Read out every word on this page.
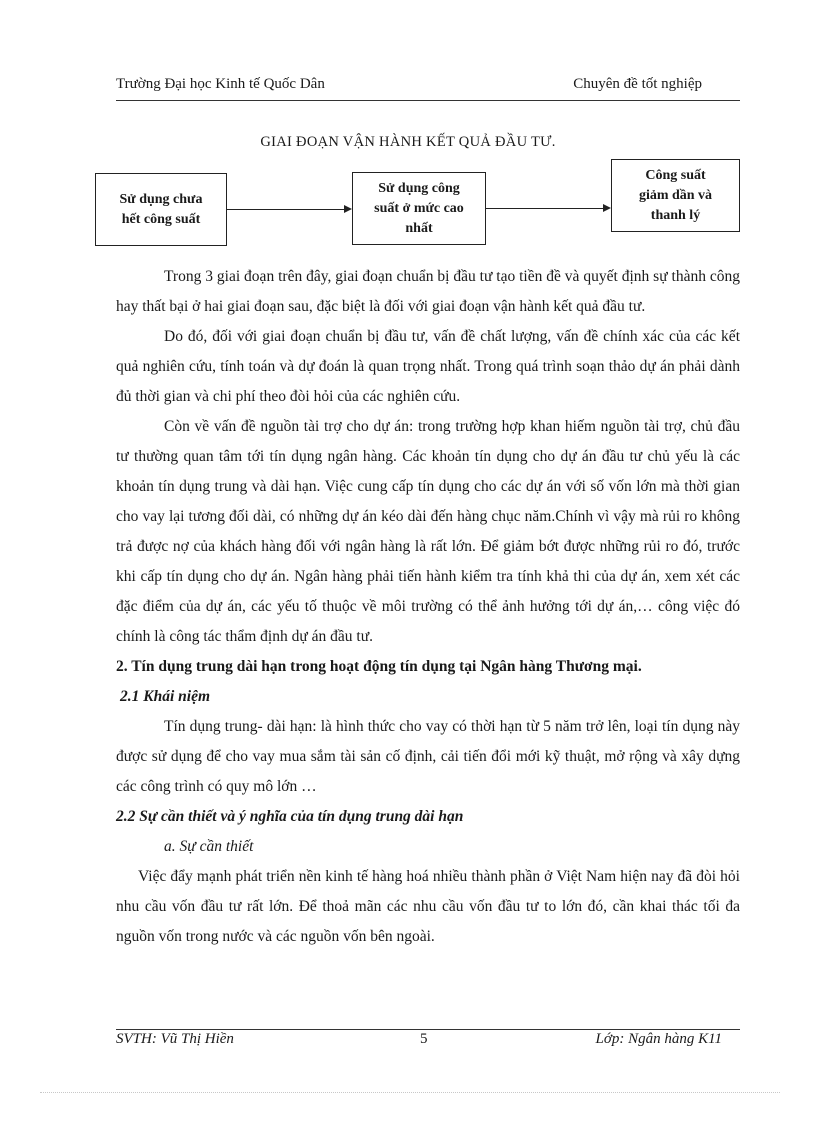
Trường Đại học Kinh tế Quốc Dân	Chuyên đề tốt nghiệp
GIAI ĐOẠN VẬN HÀNH KẾT QUẢ ĐẦU TƯ.
Sử dụng chưa
hết công suất
Sử dụng công
suất ở mức cao
nhất
Công suất
giảm dần và
thanh lý

Trong 3 giai đoạn trên đây, giai đoạn chuẩn bị đầu tư tạo tiền đề và quyết định sự thành công hay thất bại ở hai giai đoạn sau, đặc biệt là đối với giai đoạn vận hành kết quả đầu tư.

Do đó, đối với giai đoạn chuẩn bị đầu tư, vấn đề chất lượng, vấn đề chính xác của các kết quả nghiên cứu, tính toán và dự đoán là quan trọng nhất. Trong quá trình soạn thảo dự án phải dành đủ thời gian và chi phí theo đòi hỏi của các nghiên cứu.

Còn về vấn đề nguồn tài trợ cho dự án: trong trường hợp khan hiếm nguồn tài trợ, chủ đầu tư thường quan tâm tới tín dụng ngân hàng. Các khoản tín dụng cho dự án đầu tư chủ yếu là các khoản tín dụng trung và dài hạn. Việc cung cấp tín dụng cho các dự án với số vốn lớn mà thời gian cho vay lại tương đối dài, có những dự án kéo dài đến hàng chục năm.Chính vì vậy mà rủi ro không trả được nợ của khách hàng đối với ngân hàng là rất lớn. Để giảm bớt được những rủi ro đó, trước khi cấp tín dụng cho dự án. Ngân hàng phải tiến hành kiểm tra tính khả thi của dự án, xem xét các đặc điểm của dự án, các yếu tố thuộc về môi trường có thể ảnh hưởng tới dự án,… công việc đó chính là công tác thẩm định dự án đầu tư.

2. Tín dụng trung dài hạn trong hoạt động tín dụng tại Ngân hàng Thương mại.
2.1 Khái niệm

Tín dụng trung- dài hạn: là hình thức cho vay có thời hạn từ 5 năm trở lên, loại tín dụng này được sử dụng để cho vay mua sắm tài sản cố định, cải tiến đổi mới kỹ thuật, mở rộng và xây dựng các công trình có quy mô lớn …

2.2 Sự cần thiết và ý nghĩa của tín dụng trung dài hạn
a. Sự cần thiết

Việc đẩy mạnh phát triển nền kinh tế hàng hoá nhiều thành phần ở Việt Nam hiện nay đã đòi hỏi nhu cầu vốn đầu tư rất lớn. Để thoả mãn các nhu cầu vốn đầu tư to lớn đó, cần khai thác tối đa nguồn vốn trong nước và các nguồn vốn bên ngoài.

SVTH: Vũ Thị Hiền	5	Lớp: Ngân hàng K11
